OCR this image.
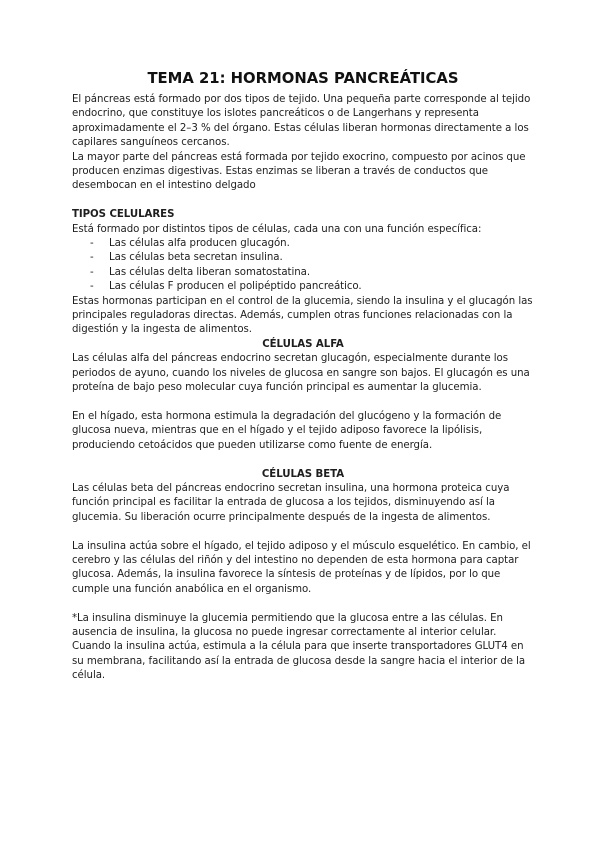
TEMA 21: HORMONAS PANCREÁTICAS

El páncreas está formado por dos tipos de tejido. Una pequeña parte corresponde al tejido endocrino, que constituye los islotes pancreáticos o de Langerhans y representa aproximadamente el 2–3 % del órgano. Estas células liberan hormonas directamente a los capilares sanguíneos cercanos.

La mayor parte del páncreas está formada por tejido exocrino, compuesto por acinos que producen enzimas digestivas. Estas enzimas se liberan a través de conductos que desembocan en el intestino delgado

TIPOS CELULARES

Está formado por distintos tipos de células, cada una con una función específica:

- Las células alfa producen glucagón.
- Las células beta secretan insulina.
- Las células delta liberan somatostatina.
- Las células F producen el polipéptido pancreático.

Estas hormonas participan en el control de la glucemia, siendo la insulina y el glucagón las principales reguladoras directas. Además, cumplen otras funciones relacionadas con la digestión y la ingesta de alimentos.

CÉLULAS ALFA

Las células alfa del páncreas endocrino secretan glucagón, especialmente durante los periodos de ayuno, cuando los niveles de glucosa en sangre son bajos. El glucagón es una proteína de bajo peso molecular cuya función principal es aumentar la glucemia.

En el hígado, esta hormona estimula la degradación del glucógeno y la formación de glucosa nueva, mientras que en el hígado y el tejido adiposo favorece la lipólisis, produciendo cetoácidos que pueden utilizarse como fuente de energía.

CÉLULAS BETA

Las células beta del páncreas endocrino secretan insulina, una hormona proteica cuya función principal es facilitar la entrada de glucosa a los tejidos, disminuyendo así la glucemia. Su liberación ocurre principalmente después de la ingesta de alimentos.

La insulina actúa sobre el hígado, el tejido adiposo y el músculo esquelético. En cambio, el cerebro y las células del riñón y del intestino no dependen de esta hormona para captar glucosa. Además, la insulina favorece la síntesis de proteínas y de lípidos, por lo que cumple una función anabólica en el organismo.

*La insulina disminuye la glucemia permitiendo que la glucosa entre a las células. En ausencia de insulina, la glucosa no puede ingresar correctamente al interior celular. Cuando la insulina actúa, estimula a la célula para que inserte transportadores GLUT4 en su membrana, facilitando así la entrada de glucosa desde la sangre hacia el interior de la célula.
